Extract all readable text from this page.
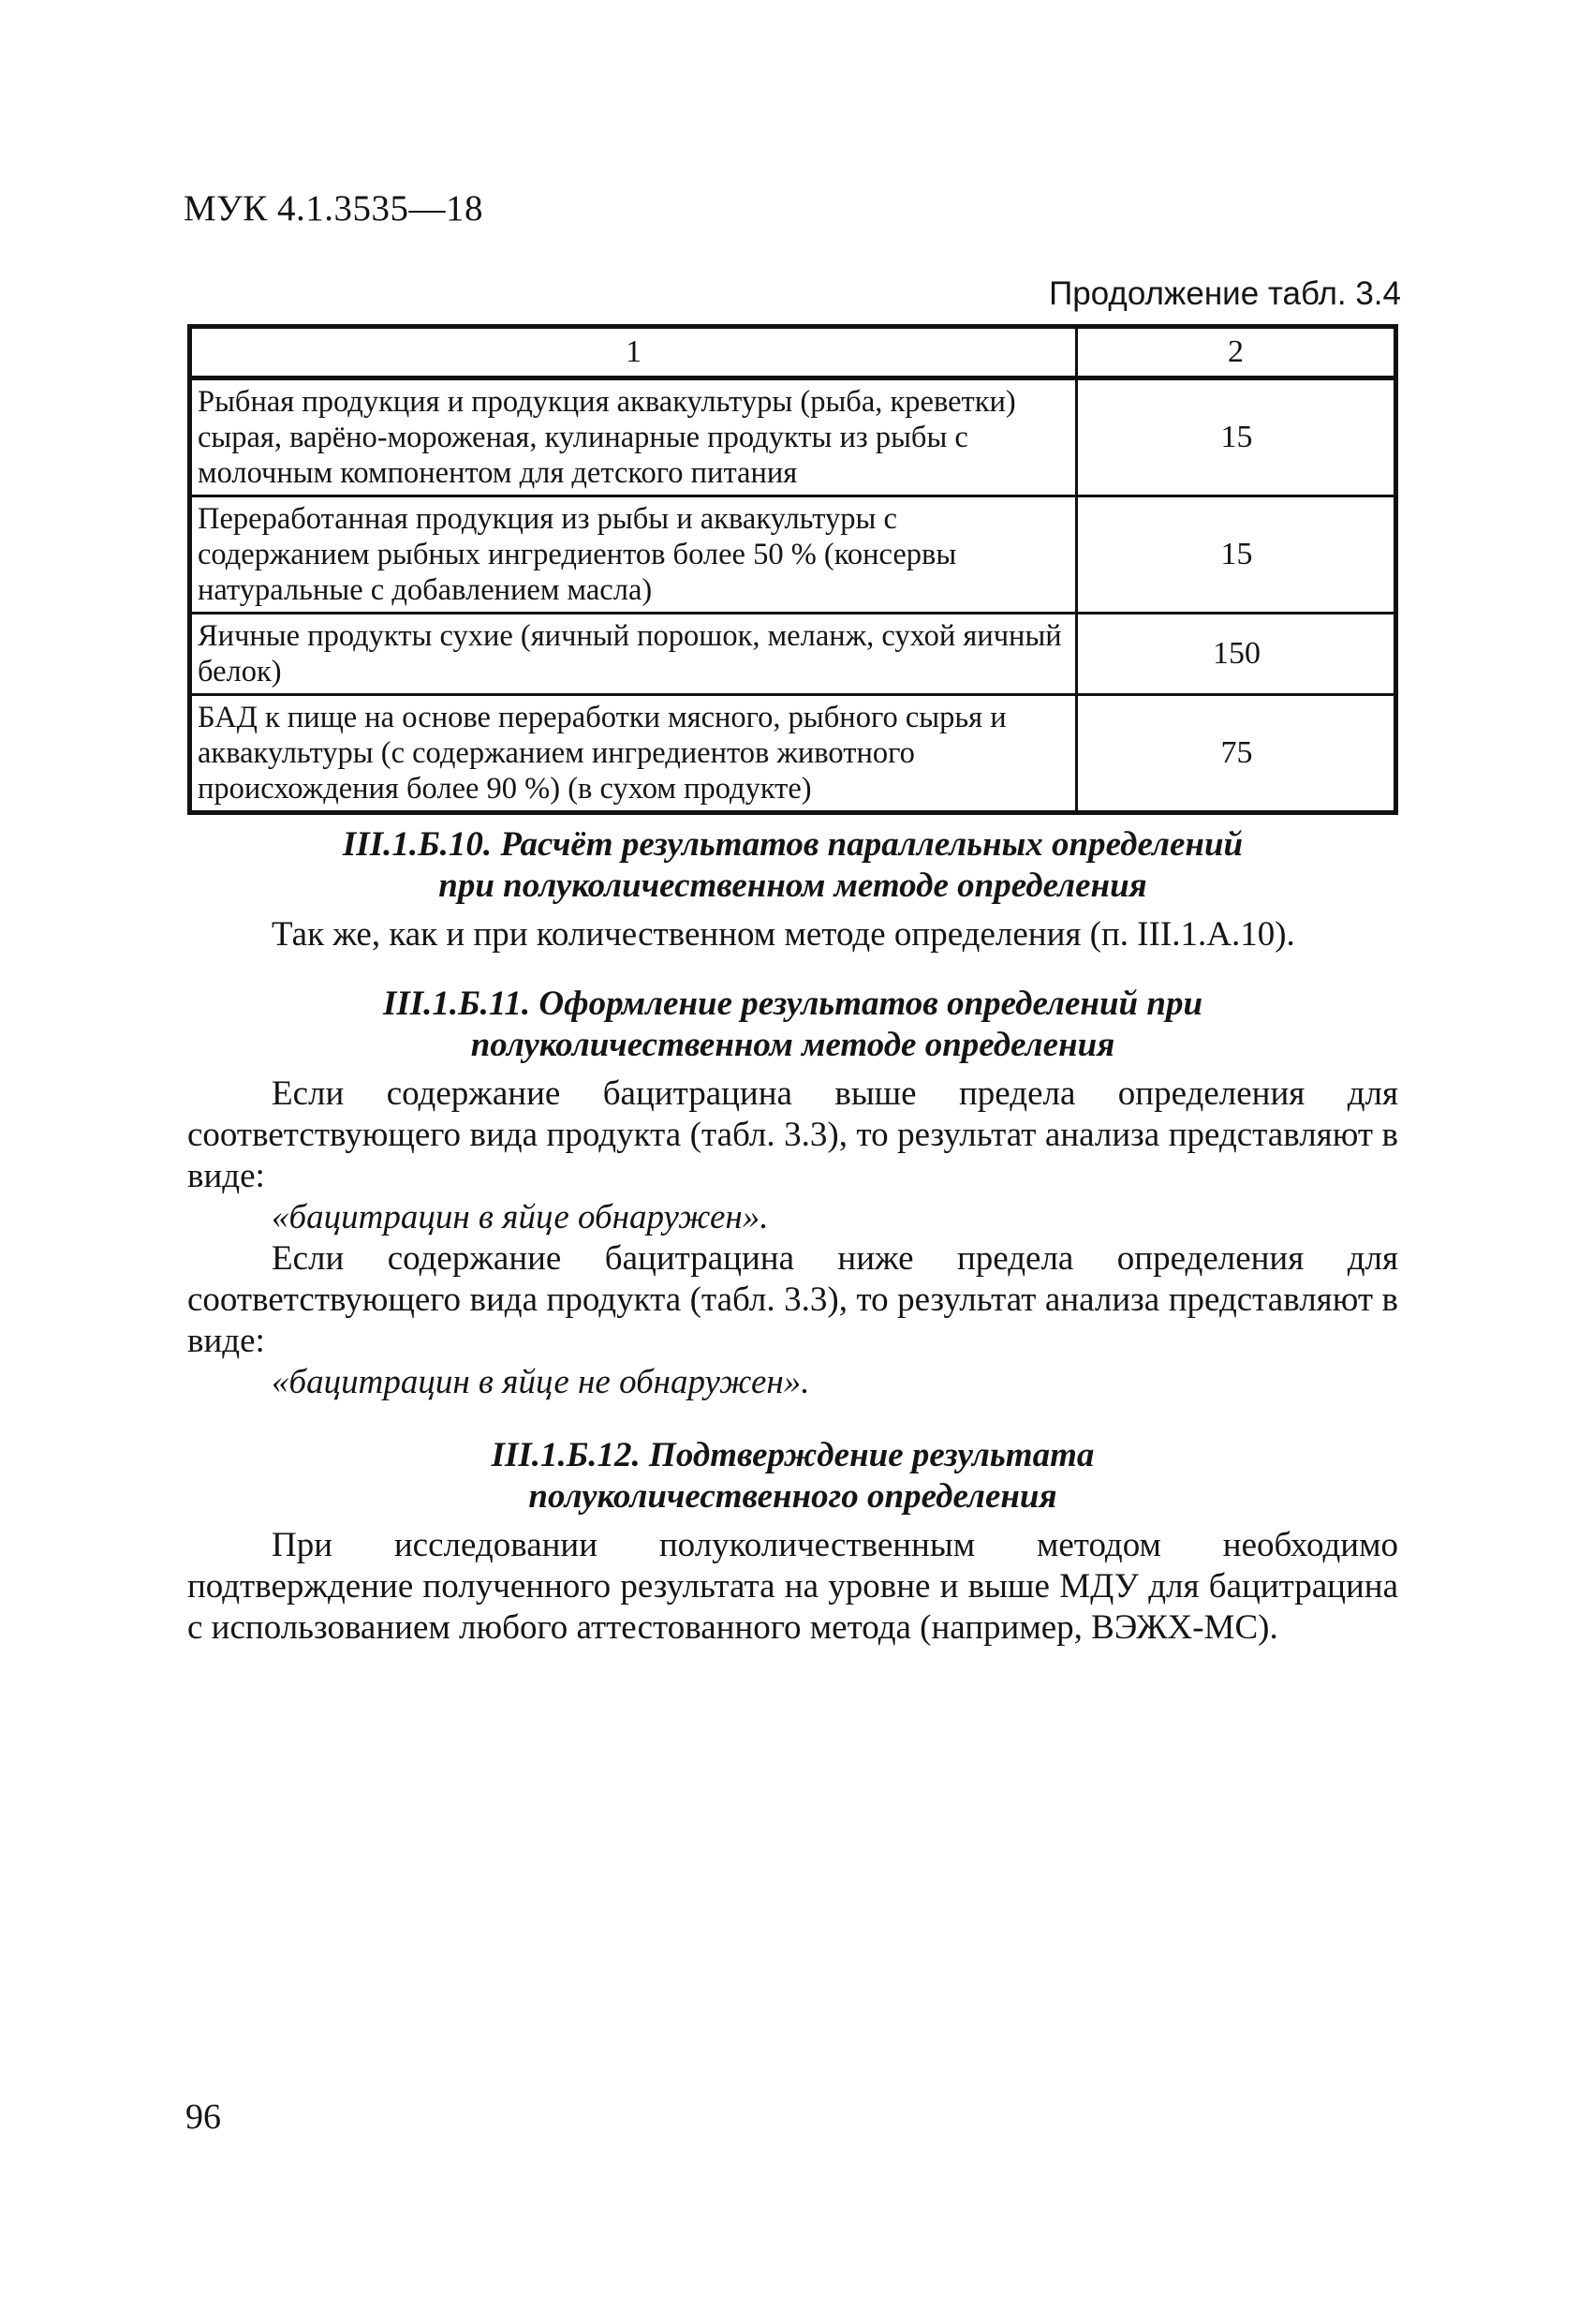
МУК 4.1.3535—18
Продолжение табл. 3.4
1	2
Рыбная продукция и продукция аквакультуры (рыба, креветки) сырая, варёно-мороженая, кулинарные продукты из рыбы с молочным компонентом для детского питания	15
Переработанная продукция из рыбы и аквакультуры с содержанием рыбных ингредиентов более 50 % (консервы натуральные с добавлением масла)	15
Яичные продукты сухие (яичный порошок, меланж, сухой яичный белок)	150
БАД к пище на основе переработки мясного, рыбного сырья и аквакультуры (с содержанием ингредиентов животного происхождения более 90 %) (в сухом продукте)	75
III.1.Б.10. Расчёт результатов параллельных определений
при полуколичественном методе определения

Так же, как и при количественном методе определения (п. III.1.А.10).

III.1.Б.11. Оформление результатов определений при
полуколичественном методе определения

Если содержание бацитрацина выше предела определения для соответствующего вида продукта (табл. 3.3), то результат анализа представляют в виде:

«бацитрацин в яйце обнаружен».

Если содержание бацитрацина ниже предела определения для соответствующего вида продукта (табл. 3.3), то результат анализа представляют в виде:

«бацитрацин в яйце не обнаружен».

III.1.Б.12. Подтверждение результата
полуколичественного определения

При исследовании полуколичественным методом необходимо подтверждение полученного результата на уровне и выше МДУ для бацитрацина с использованием любого аттестованного метода (например, ВЭЖХ-МС).

96
